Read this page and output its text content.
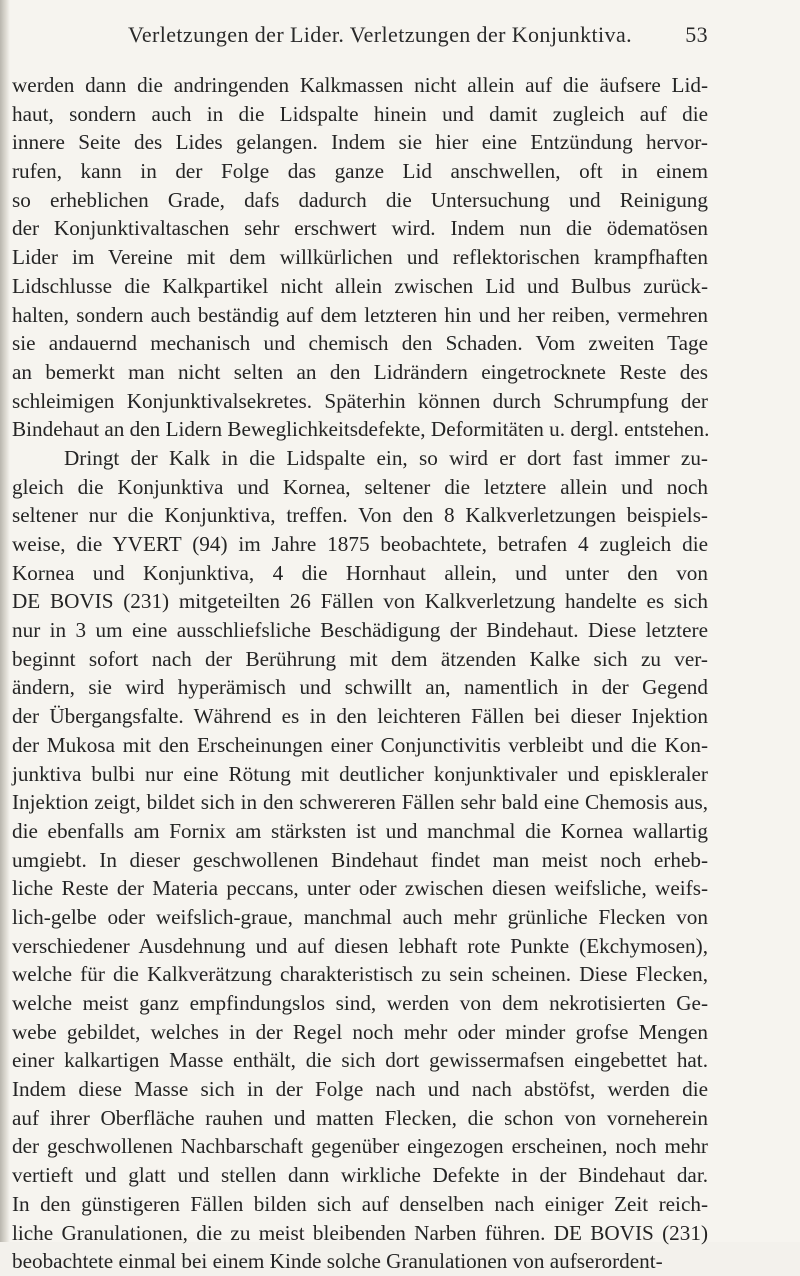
Verletzungen der Lider. Verletzungen der Konjunktiva. 53
werden dann die andringenden Kalkmassen nicht allein auf die äufsere Lid-
haut, sondern auch in die Lidspalte hinein und damit zugleich auf die
innere Seite des Lides gelangen. Indem sie hier eine Entzündung hervor-
rufen, kann in der Folge das ganze Lid anschwellen, oft in einem
so erheblichen Grade, dafs dadurch die Untersuchung und Reinigung
der Konjunktivaltaschen sehr erschwert wird. Indem nun die ödematösen
Lider im Vereine mit dem willkürlichen und reflektorischen krampfhaften
Lidschlusse die Kalkpartikel nicht allein zwischen Lid und Bulbus zurück-
halten, sondern auch beständig auf dem letzteren hin und her reiben, vermehren
sie andauernd mechanisch und chemisch den Schaden. Vom zweiten Tage
an bemerkt man nicht selten an den Lidrändern eingetrocknete Reste des
schleimigen Konjunktivalsekretes. Späterhin können durch Schrumpfung der
Bindehaut an den Lidern Beweglichkeitsdefekte, Deformitäten u. dergl. entstehen.
Dringt der Kalk in die Lidspalte ein, so wird er dort fast immer zu-
gleich die Konjunktiva und Kornea, seltener die letztere allein und noch
seltener nur die Konjunktiva, treffen. Von den 8 Kalkverletzungen beispiels-
weise, die YVERT (94) im Jahre 1875 beobachtete, betrafen 4 zugleich die
Kornea und Konjunktiva, 4 die Hornhaut allein, und unter den von
DE BOVIS (231) mitgeteilten 26 Fällen von Kalkverletzung handelte es sich
nur in 3 um eine ausschliefsliche Beschädigung der Bindehaut. Diese letztere
beginnt sofort nach der Berührung mit dem ätzenden Kalke sich zu ver-
ändern, sie wird hyperämisch und schwillt an, namentlich in der Gegend
der Übergangsfalte. Während es in den leichteren Fällen bei dieser Injektion
der Mukosa mit den Erscheinungen einer Conjunctivitis verbleibt und die Kon-
junktiva bulbi nur eine Rötung mit deutlicher konjunktivaler und episkleraler
Injektion zeigt, bildet sich in den schwereren Fällen sehr bald eine Chemosis aus,
die ebenfalls am Fornix am stärksten ist und manchmal die Kornea wallartig
umgiebt. In dieser geschwollenen Bindehaut findet man meist noch erheb-
liche Reste der Materia peccans, unter oder zwischen diesen weifsliche, weifs-
lich-gelbe oder weifslich-graue, manchmal auch mehr grünliche Flecken von
verschiedener Ausdehnung und auf diesen lebhaft rote Punkte (Ekchymosen),
welche für die Kalkverätzung charakteristisch zu sein scheinen. Diese Flecken,
welche meist ganz empfindungslos sind, werden von dem nekrotisierten Ge-
webe gebildet, welches in der Regel noch mehr oder minder grofse Mengen
einer kalkartigen Masse enthält, die sich dort gewissermafsen eingebettet hat.
Indem diese Masse sich in der Folge nach und nach abstöfst, werden die
auf ihrer Oberfläche rauhen und matten Flecken, die schon von vorneherein
der geschwollenen Nachbarschaft gegenüber eingezogen erscheinen, noch mehr
vertieft und glatt und stellen dann wirkliche Defekte in der Bindehaut dar.
In den günstigeren Fällen bilden sich auf denselben nach einiger Zeit reich-
liche Granulationen, die zu meist bleibenden Narben führen. DE BOVIS (231)
beobachtete einmal bei einem Kinde solche Granulationen von aufserordent-
